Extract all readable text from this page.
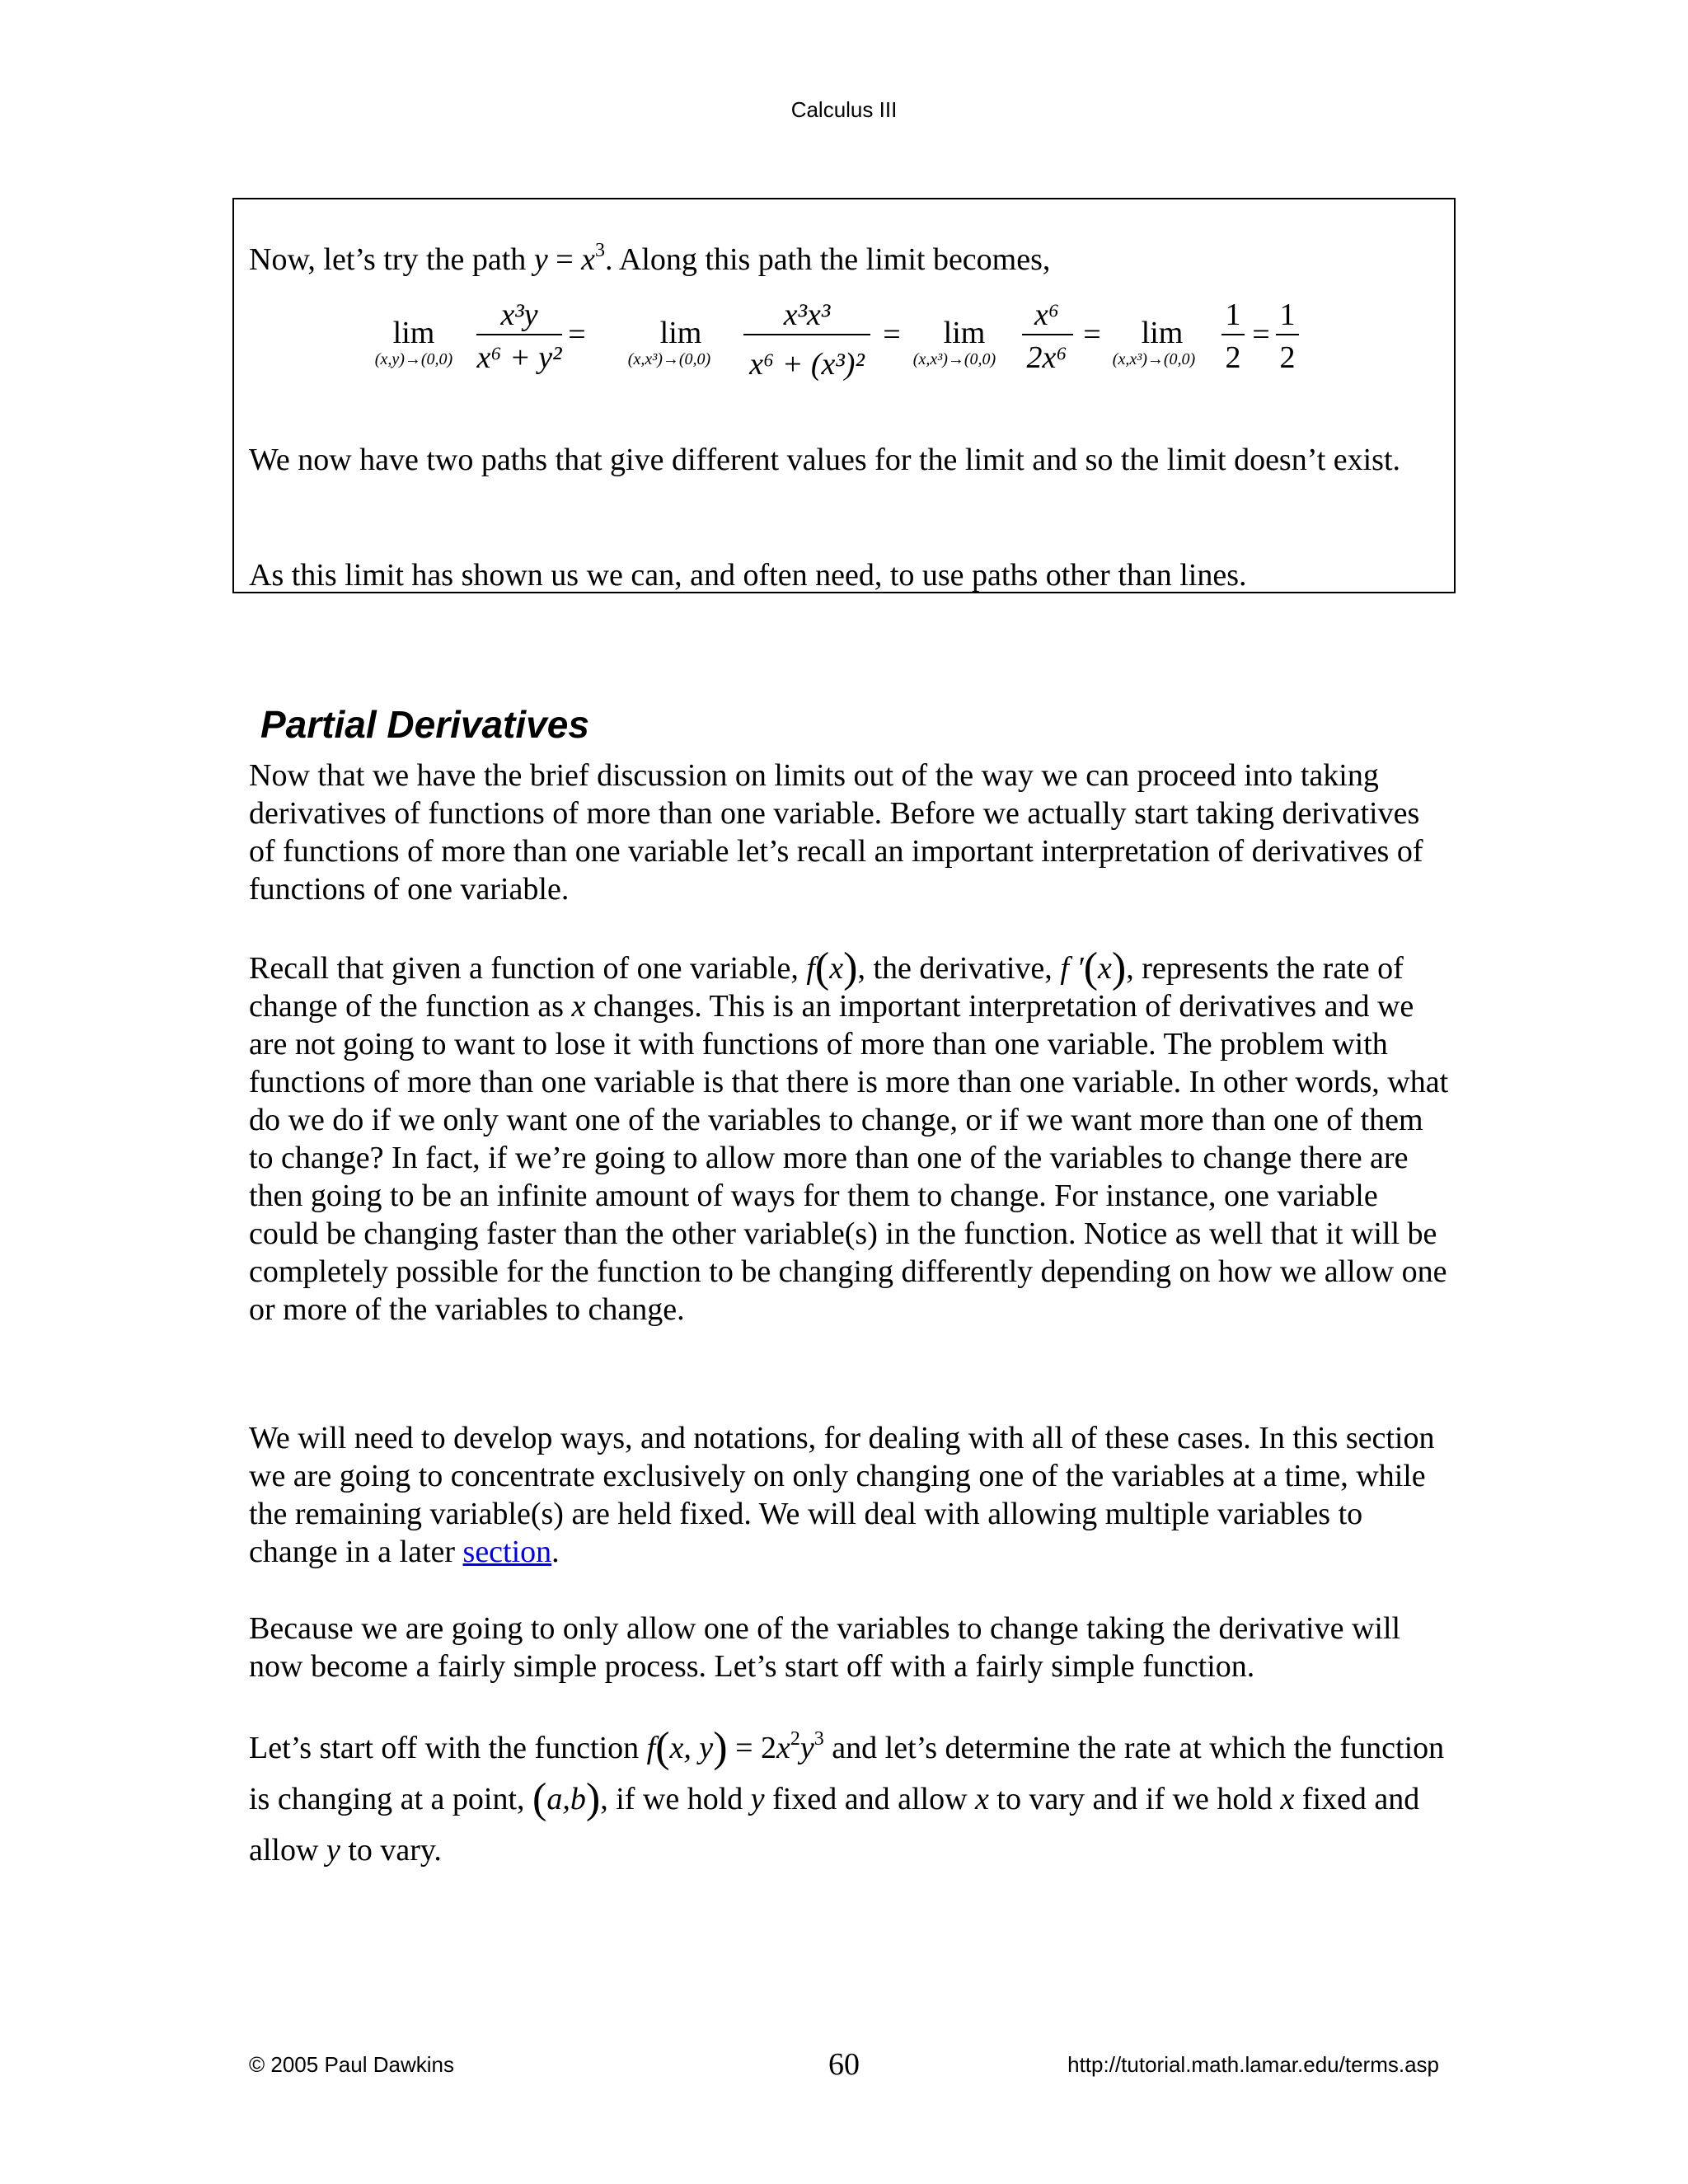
Calculus III

Now, let’s try the path $y = x^3$. Along this path the limit becomes,

lim
(x,y)→(0,0)
x³y
x⁶ + y²
= lim
(x,x³)→(0,0)
x³x³
x⁶ + (x³)²
= lim
(x,x³)→(0,0)
x⁶
2x⁶
= lim
(x,x³)→(0,0)
1
2
=
1
2

We now have two paths that give different values for the limit and so the limit doesn’t exist.

As this limit has shown us we can, and often need, to use paths other than lines.

Partial Derivatives

Now that we have the brief discussion on limits out of the way we can proceed into taking derivatives of functions of more than one variable. Before we actually start taking derivatives of functions of more than one variable let’s recall an important interpretation of derivatives of functions of one variable.

Recall that given a function of one variable, f(x), the derivative, f ′(x), represents the rate of change of the function as x changes. This is an important interpretation of derivatives and we are not going to want to lose it with functions of more than one variable. The problem with functions of more than one variable is that there is more than one variable. In other words, what do we do if we only want one of the variables to change, or if we want more than one of them to change? In fact, if we’re going to allow more than one of the variables to change there are then going to be an infinite amount of ways for them to change. For instance, one variable could be changing faster than the other variable(s) in the function. Notice as well that it will be completely possible for the function to be changing differently depending on how we allow one or more of the variables to change.

We will need to develop ways, and notations, for dealing with all of these cases. In this section we are going to concentrate exclusively on only changing one of the variables at a time, while the remaining variable(s) are held fixed. We will deal with allowing multiple variables to change in a later section.

Because we are going to only allow one of the variables to change taking the derivative will now become a fairly simple process. Let’s start off with a fairly simple function.

Let’s start off with the function f(x, $y) = 2x^2y^3$ and let’s determine the rate at which the function is changing at a point, (a,b), if we hold y fixed and allow x to vary and if we hold x fixed and allow y to vary.

© 2005 Paul Dawkins	60	http://tutorial.math.lamar.edu/terms.asp
